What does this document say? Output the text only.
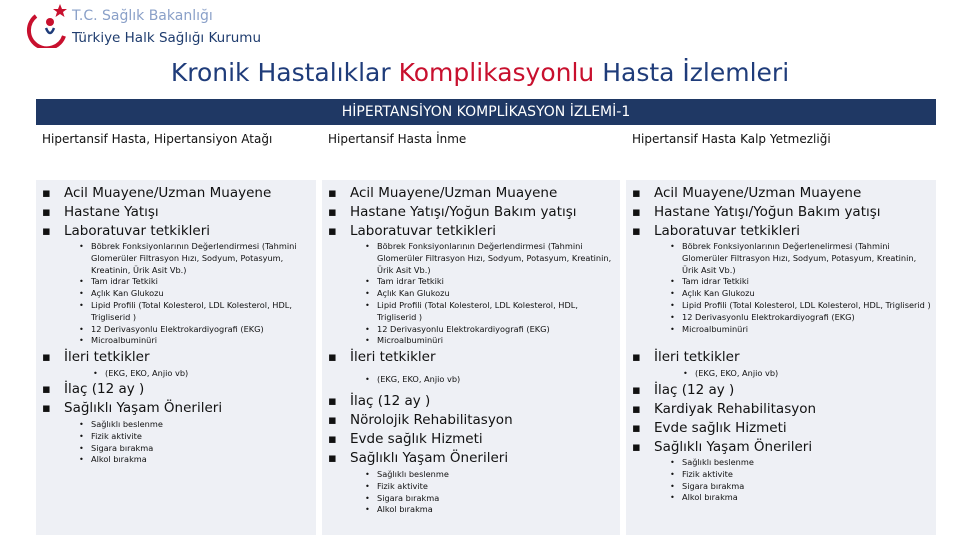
T.C. Sağlık Bakanlığı
Türkiye Halk Sağlığı Kurumu
Kronik Hastalıklar Komplikasyonlu Hasta İzlemleri
HİPERTANSİYON KOMPLİKASYON İZLEMİ-1
Hipertansif Hasta, Hipertansiyon Atağı	Hipertansif Hasta İnme	Hipertansif Hasta Kalp Yetmezliği
▪ Acil Muayene/Uzman Muayene
▪ Hastane Yatışı
▪ Laboratuvar tetkikleri
• Böbrek Fonksiyonlarının Değerlendirmesi (Tahmini Glomerüler Filtrasyon Hızı, Sodyum, Potasyum, Kreatinin, Ürik Asit Vb.)
• Tam idrar Tetkiki
• Açlık Kan Glukozu
• Lipid Profili (Total Kolesterol, LDL Kolesterol, HDL, Trigliserid )
• 12 Derivasyonlu Elektrokardiyografi (EKG)
• Microalbuminüri
▪ İleri tetkikler
• (EKG, EKO, Anjio vb)
▪ İlaç (12 ay )
▪ Sağlıklı Yaşam Önerileri
• Sağlıklı beslenme
• Fizik aktivite
• Sigara bırakma
• Alkol bırakma
▪ Acil Muayene/Uzman Muayene
▪ Hastane Yatışı/Yoğun Bakım yatışı
▪ Laboratuvar tetkikleri
• Böbrek Fonksiyonlarının Değerlendirmesi (Tahmini Glomerüler Filtrasyon Hızı, Sodyum, Potasyum, Kreatinin, Ürik Asit Vb.)
• Tam idrar Tetkiki
• Açlık Kan Glukozu
• Lipid Profili (Total Kolesterol, LDL Kolesterol, HDL, Trigliserid )
• 12 Derivasyonlu Elektrokardiyografi (EKG)
• Microalbuminüri
▪ İleri tetkikler
• (EKG, EKO, Anjio vb)
▪ İlaç (12 ay )
▪ Nörolojik Rehabilitasyon
▪ Evde sağlık Hizmeti
▪ Sağlıklı Yaşam Önerileri
• Sağlıklı beslenme
• Fizik aktivite
• Sigara bırakma
• Alkol bırakma
▪ Acil Muayene/Uzman Muayene
▪ Hastane Yatışı/Yoğun Bakım yatışı
▪ Laboratuvar tetkikleri
• Böbrek Fonksiyonlarının Değerlenelirmesi (Tahmini Glomerüler Filtrasyon Hızı, Sodyum, Potasyum, Kreatinin, Ürik Asit Vb.)
• Tam idrar Tetkiki
• Açlık Kan Glukozu
• Lipid Profili (Total Kolesterol, LDL Kolesterol, HDL, Trigliserid )
• 12 Derivasyonlu Elektrokardiyografi (EKG)
• Microalbuminüri
▪ İleri tetkikler
• (EKG, EKO, Anjio vb)
▪ İlaç (12 ay )
▪ Kardiyak Rehabilitasyon
▪ Evde sağlık Hizmeti
▪ Sağlıklı Yaşam Önerileri
• Sağlıklı beslenme
• Fizik aktivite
• Sigara bırakma
• Alkol bırakma
